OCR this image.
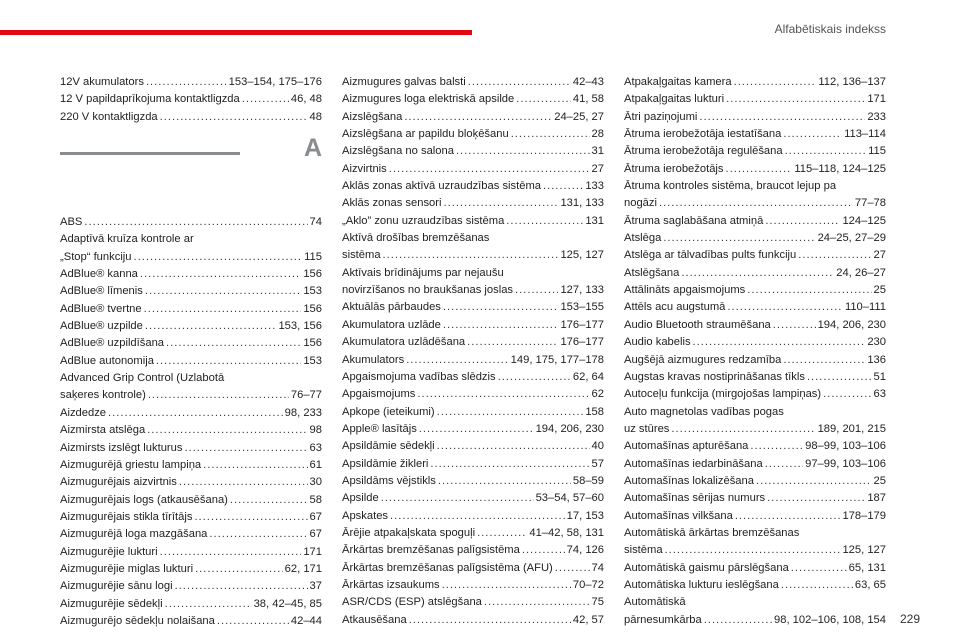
Alfabētiskais indekss
12V akumulators .....	153–154, 175–176
12 V papildaprīkojuma kontaktligzda .....	46, 48
220 V kontaktligzda .....	48
A
ABS .....	74
Adaptīvā kruīza kontrole ar
„Stop“ funkciju .....	115
AdBlue® kanna .....	156
AdBlue® līmenis .....	153
AdBlue® tvertne .....	156
AdBlue® uzpilde .....	153, 156
AdBlue® uzpildīšana .....	156
AdBlue autonomija .....	153
Advanced Grip Control (Uzlabotā
saķeres kontrole) .....	76–77
Aizdedze .....	98, 233
Aizmirsta atslēga .....	98
Aizmirsts izslēgt lukturus .....	63
Aizmugurējā griestu lampiņa .....	61
Aizmugurējais aizvirtnis .....	30
Aizmugurējais logs (atkausēšana) .....	58
Aizmugurējais stikla tīrītājs .....	67
Aizmugurējā loga mazgāšana .....	67
Aizmugurējie lukturi .....	171
Aizmugurējie miglas lukturi .....	62, 171
Aizmugurējie sānu logi .....	37
Aizmugurējie sēdekļi .....	38, 42–45, 85
Aizmugurējo sēdekļu nolaišana .....	42–44
Aizmugures galvas balsti .....	42–43
Aizmugures loga elektriskā apsilde .....	41, 58
Aizslēgšana .....	24–25, 27
Aizslēgšana ar papildu bloķēšanu .....	28
Aizslēgšana no salona .....	31
Aizvirtnis .....	27
Aklās zonas aktīvā uzraudzības sistēma .....	133
Aklās zonas sensori .....	131, 133
„Aklo” zonu uzraudzības sistēma .....	131
Aktīvā drošības bremzēšanas
sistēma .....	125, 127
Aktīvais brīdinājums par nejaušu
novirzīšanos no braukšanas joslas .....	127, 133
Aktuālās pārbaudes .....	153–155
Akumulatora uzlāde .....	176–177
Akumulatora uzlādēšana .....	176–177
Akumulators .....	149, 175, 177–178
Apgaismojuma vadības slēdzis .....	62, 64
Apgaismojums .....	62
Apkope (ieteikumi) .....	158
Apple® lasītājs .....	194, 206, 230
Apsildāmie sēdekļi .....	40
Apsildāmie žikleri .....	57
Apsildāms vējstikls .....	58–59
Apsilde .....	53–54, 57–60
Apskates .....	17, 153
Ārējie atpakaļskata spoguļi .....	41–42, 58, 131
Ārkārtas bremzēšanas palīgsistēma .....	74, 126
Ārkārtas bremzēšanas palīgsistēma (AFU) .....	74
Ārkārtas izsaukums .....	70–72
ASR/CDS (ESP) atslēgšana .....	75
Atkausēšana .....	42, 57
Atpakaļgaitas kamera .....	112, 136–137
Atpakaļgaitas lukturi .....	171
Ātri paziņojumi .....	233
Ātruma ierobežotāja iestatīšana .....	113–114
Ātruma ierobežotāja regulēšana .....	115
Ātruma ierobežotājs .....	115–118, 124–125
Ātruma kontroles sistēma, braucot lejup pa
nogāzi .....	77–78
Ātruma saglabāšana atmiņā .....	124–125
Atslēga .....	24–25, 27–29
Atslēga ar tālvadības pults funkciju .....	27
Atslēgšana .....	24, 26–27
Attālināts apgaismojums .....	25
Attēls acu augstumā .....	110–111
Audio Bluetooth straumēšana .....	194, 206, 230
Audio kabelis .....	230
Augšējā aizmugures redzamība .....	136
Augstas kravas nostiprināšanas tīkls .....	51
Autoceļu funkcija (mirgojošas lampiņas) .....	63
Auto magnetolas vadības pogas
uz stūres .....	189, 201, 215
Automašīnas apturēšana .....	98–99, 103–106
Automašīnas iedarbināšana .....	97–99, 103–106
Automašīnas lokalizēšana .....	25
Automašīnas sērijas numurs .....	187
Automašīnas vilkšana .....	178–179
Automātiskā ārkārtas bremzēšanas
sistēma .....	125, 127
Automātiskā gaismu pārslēgšana .....	65, 131
Automātiska lukturu ieslēgšana .....	63, 65
Automātiskā
pārnesumkārba .....	98, 102–106, 108, 154 229
